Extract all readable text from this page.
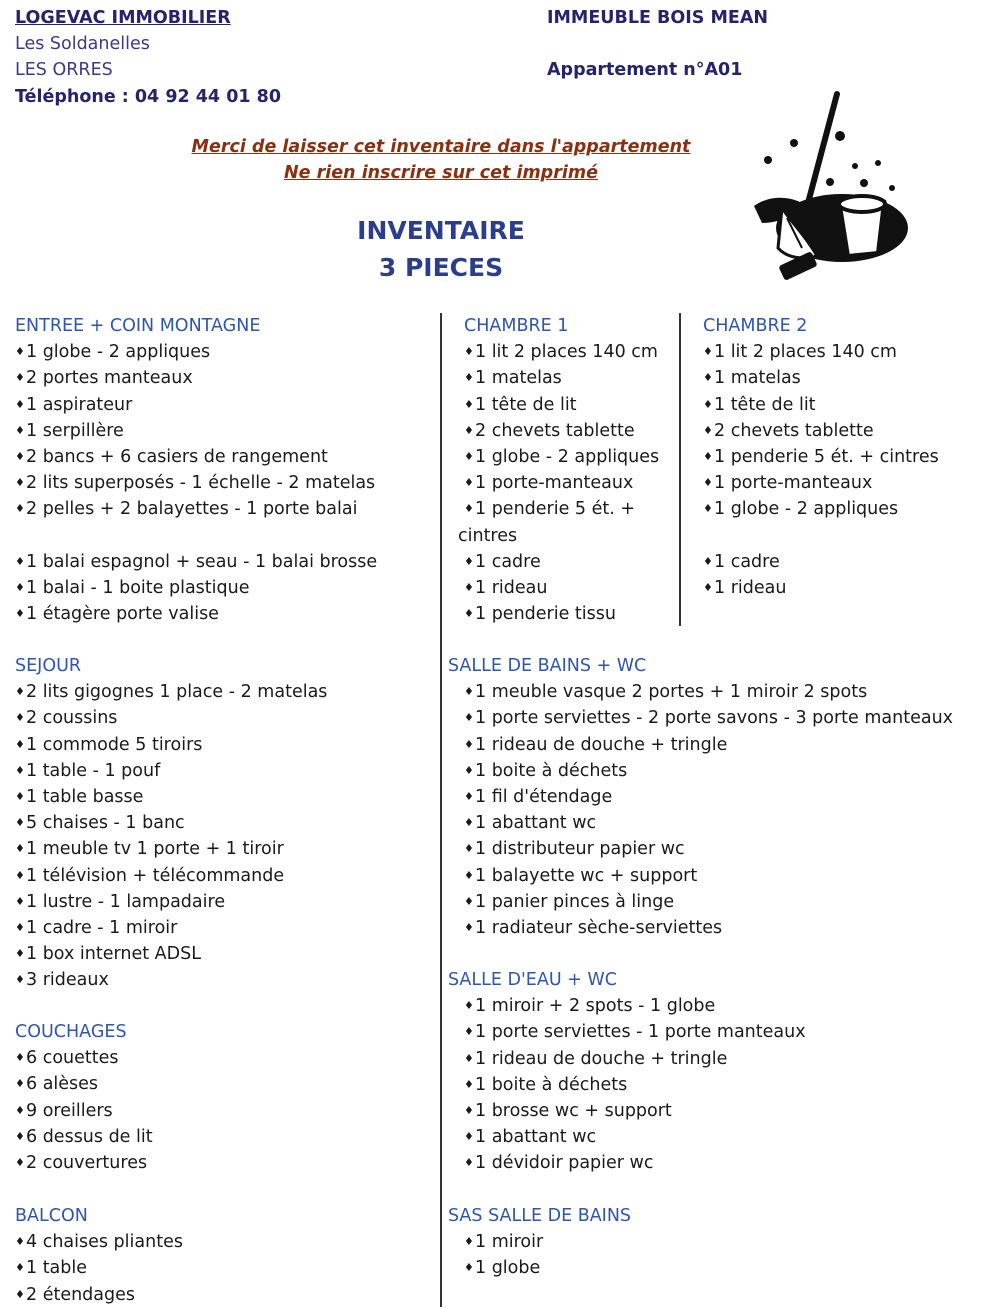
LOGEVAC IMMOBILIER
Les Soldanelles
LES ORRES
Téléphone : 04 92 44 01 80
IMMEUBLE BOIS MEAN
Appartement n°A01
Merci de laisser cet inventaire dans l'appartement
Ne rien inscrire sur cet imprimé
INVENTAIRE
3 PIECES
ENTREE + COIN MONTAGNE
♦ 1 globe - 2 appliques
♦ 2 portes manteaux
♦ 1 aspirateur
♦ 1 serpillère
♦ 2 bancs + 6 casiers de rangement
♦ 2 lits superposés - 1 échelle - 2 matelas
♦ 2 pelles + 2 balayettes - 1 porte balai
♦ 1 balai espagnol + seau - 1 balai brosse
♦ 1 balai - 1 boite plastique
♦ 1 étagère porte valise
CHAMBRE 1
♦ 1 lit 2 places 140 cm
♦ 1 matelas
♦ 1 tête de lit
♦ 2 chevets tablette
♦ 1 globe - 2 appliques
♦ 1 porte-manteaux
♦ 1 penderie 5 ét. +
cintres
♦ 1 cadre
♦ 1 rideau
♦ 1 penderie tissu
CHAMBRE 2
♦ 1 lit 2 places 140 cm
♦ 1 matelas
♦ 1 tête de lit
♦ 2 chevets tablette
♦ 1 penderie 5 ét. + cintres
♦ 1 porte-manteaux
♦ 1 globe - 2 appliques
♦ 1 cadre
♦ 1 rideau
SEJOUR
♦ 2 lits gigognes 1 place - 2 matelas
♦ 2 coussins
♦ 1 commode 5 tiroirs
♦ 1 table - 1 pouf
♦ 1 table basse
♦ 5 chaises - 1 banc
♦ 1 meuble tv 1 porte + 1 tiroir
♦ 1 télévision + télécommande
♦ 1 lustre - 1 lampadaire
♦ 1 cadre - 1 miroir
♦ 1 box internet ADSL
♦ 3 rideaux
SALLE DE BAINS + WC
♦ 1 meuble vasque 2 portes + 1 miroir 2 spots
♦ 1 porte serviettes - 2 porte savons - 3 porte manteaux
♦ 1 rideau de douche + tringle
♦ 1 boite à déchets
♦ 1 fil d'étendage
♦ 1 abattant wc
♦ 1 distributeur papier wc
♦ 1 balayette wc + support
♦ 1 panier pinces à linge
♦ 1 radiateur sèche-serviettes
COUCHAGES
♦ 6 couettes
♦ 6 alèses
♦ 9 oreillers
♦ 6 dessus de lit
♦ 2 couvertures
SALLE D'EAU + WC
♦ 1 miroir + 2 spots - 1 globe
♦ 1 porte serviettes - 1 porte manteaux
♦ 1 rideau de douche + tringle
♦ 1 boite à déchets
♦ 1 brosse wc + support
♦ 1 abattant wc
♦ 1 dévidoir papier wc
BALCON
♦ 4 chaises pliantes
♦ 1 table
♦ 2 étendages
SAS SALLE DE BAINS
♦ 1 miroir
♦ 1 globe
